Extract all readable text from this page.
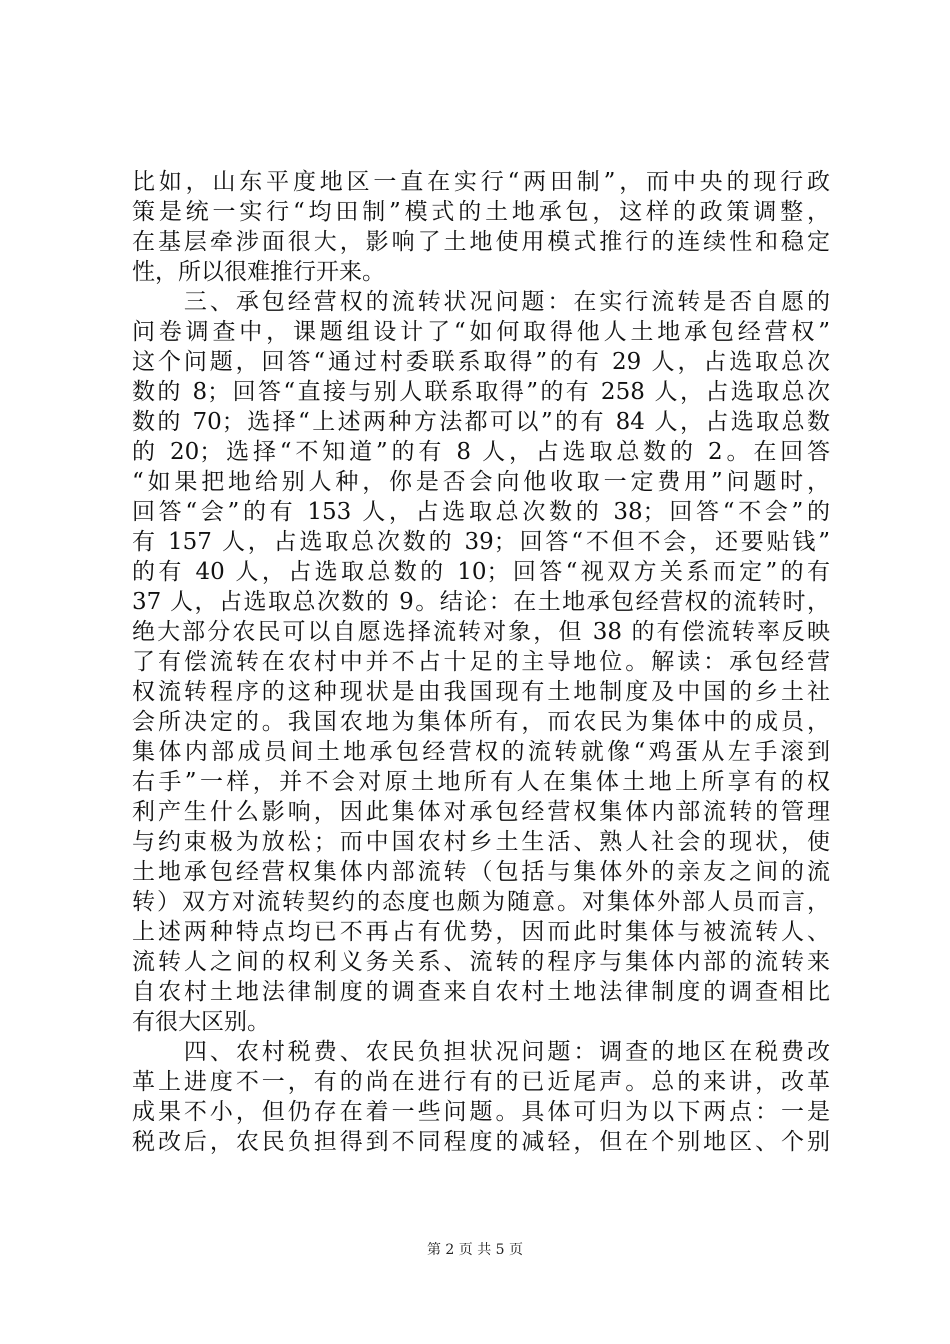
比如，山东平度地区一直在实行“两田制”，而中央的现行政
策是统一实行“均田制”模式的土地承包，这样的政策调整，
在基层牵涉面很大，影响了土地使用模式推行的连续性和稳定
性，所以很难推行开来。
　　三、承包经营权的流转状况问题：在实行流转是否自愿的
问卷调查中，课题组设计了“如何取得他人土地承包经营权”
这个问题，回答“通过村委联系取得”的有 29 人，占选取总次
数的 8；回答“直接与别人联系取得”的有 258 人，占选取总次
数的 70；选择“上述两种方法都可以”的有 84 人，占选取总数
的 20；选择“不知道”的有 8 人，占选取总数的 2。在回答
“如果把地给别人种，你是否会向他收取一定费用”问题时，
回答“会”的有 153 人，占选取总次数的 38；回答“不会”的
有 157 人，占选取总次数的 39；回答“不但不会，还要贴钱”
的有 40 人，占选取总数的 10；回答“视双方关系而定”的有
37 人，占选取总次数的 9。结论：在土地承包经营权的流转时，
绝大部分农民可以自愿选择流转对象，但 38 的有偿流转率反映
了有偿流转在农村中并不占十足的主导地位。解读：承包经营
权流转程序的这种现状是由我国现有土地制度及中国的乡土社
会所决定的。我国农地为集体所有，而农民为集体中的成员，
集体内部成员间土地承包经营权的流转就像“鸡蛋从左手滚到
右手”一样，并不会对原土地所有人在集体土地上所享有的权
利产生什么影响，因此集体对承包经营权集体内部流转的管理
与约束极为放松；而中国农村乡土生活、熟人社会的现状，使
土地承包经营权集体内部流转（包括与集体外的亲友之间的流
转）双方对流转契约的态度也颇为随意。对集体外部人员而言，
上述两种特点均已不再占有优势，因而此时集体与被流转人、
流转人之间的权利义务关系、流转的程序与集体内部的流转来
自农村土地法律制度的调查来自农村土地法律制度的调查相比
有很大区别。
　　四、农村税费、农民负担状况问题：调查的地区在税费改
革上进度不一，有的尚在进行有的已近尾声。总的来讲，改革
成果不小，但仍存在着一些问题。具体可归为以下两点：一是
税改后，农民负担得到不同程度的减轻，但在个别地区、个别
第 2 页 共 5 页
